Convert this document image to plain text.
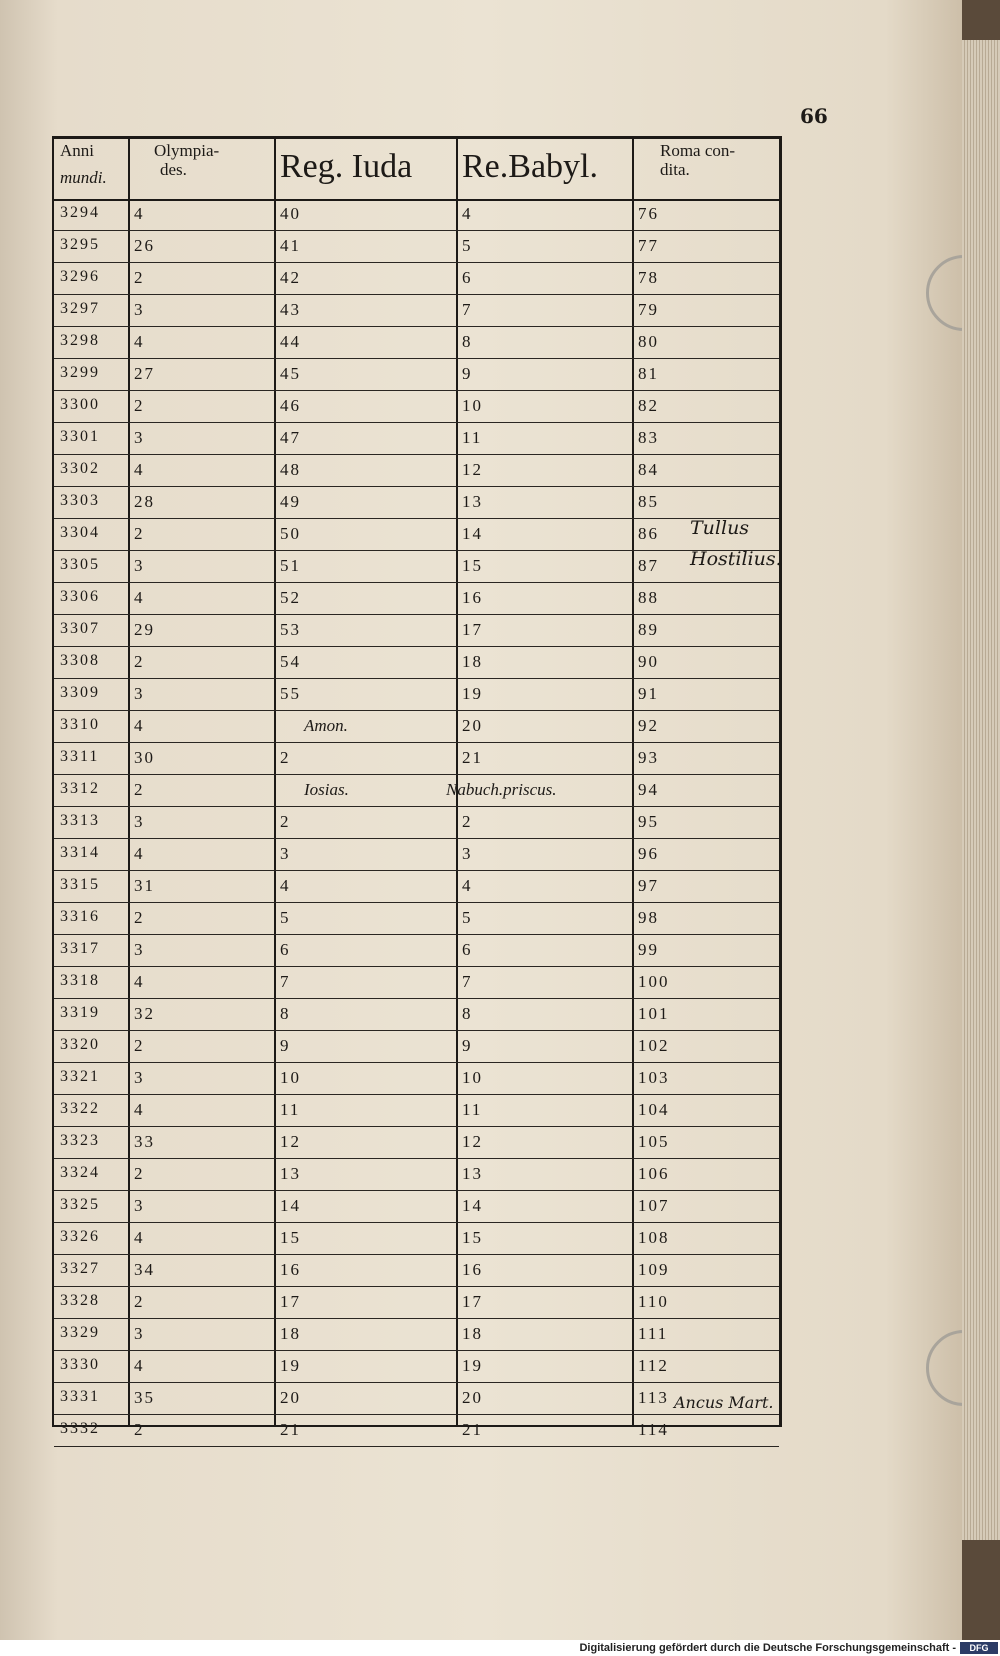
66
Anni
mundi.
Olympia-
des.	Reg. Iuda	Re.Babyl.	Roma con-
dita.
3294 4	40	4	76
3295 26	41	5	77
3296 2	42	6	78
3297 3	43	7	79
3298 4	44	8	80
3299 27	45	9	81
3300 2	46	10	82
3301 3	47	11	83
3302 4	48	12	84
3303 28	49	13	85
3304 2	50	14	86
3305 3	51	15	87
3306 4	52	16	88
3307 29	53	17	89
3308 2	54	18	90
3309 3	55	19	91
3310 4	Amon.	20	92
3311 30	2	21	93
3312 2	Iosias.	Nabuch.priscus.	94
3313 3	2	2	95
3314 4	3	3	96
3315 31	4	4	97
3316 2	5	5	98
3317 3	6	6	99
3318 4	7	7	100
3319 32	8	8	101
3320 2	9	9	102
3321 3	10	10	103
3322 4	11	11	104
3323 33	12	12	105
3324 2	13	13	106
3325 3	14	14	107
3326 4	15	15	108
3327 34	16	16	109
3328 2	17	17	110
3329 3	18	18	111
3330 4	19	19	112
3331 35	20	20	113
3332 2	21	21	114
Tullus
Hostilius.
Ancus Mart.
Digitalisierung gefördert durch die Deutsche Forschungsgemeinschaft -	DFG
